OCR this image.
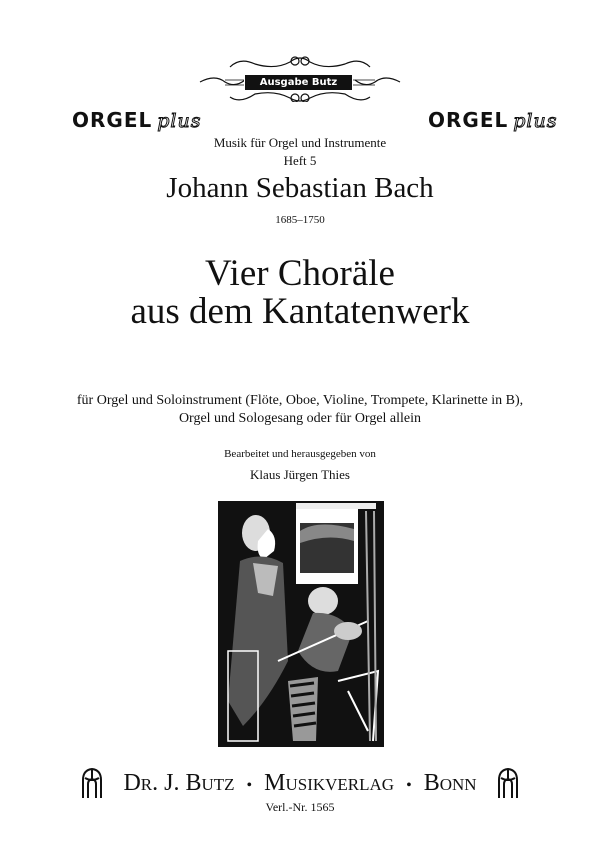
Ausgabe Butz
ORGEL plus	ORGEL plus
Musik für Orgel und Instrumente
Heft 5
Johann Sebastian Bach
1685–1750
Vier Choräle
aus dem Kantatenwerk
für Orgel und Soloinstrument (Flöte, Oboe, Violine, Trompete, Klarinette in B),
Orgel und Sologesang oder für Orgel allein
Bearbeitet und herausgegeben von
Klaus Jürgen Thies
Dr. J. Butz • Musikverlag • Bonn
Verl.-Nr. 1565
